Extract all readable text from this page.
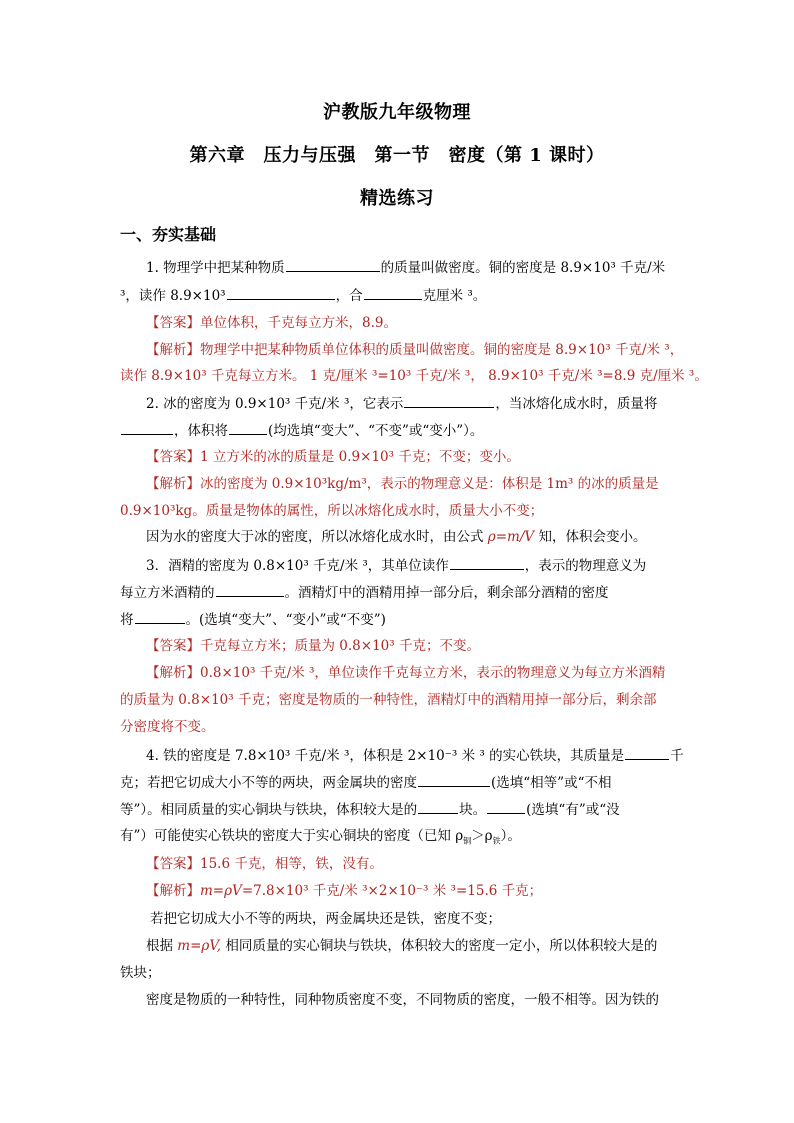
沪教版九年级物理
第六章　压力与压强　第一节　密度（第 1 课时）
精选练习
一、夯实基础
1. 物理学中把某种物质	的质量叫做密度。铜的密度是 8.9×10³ 千克/米
³，读作 8.9×10³	，合	克厘米 ³。
【答案】单位体积，千克每立方米，8.9。
【解析】物理学中把某种物质单位体积的质量叫做密度。铜的密度是 8.9×10³ 千克/米 ³，
读作 8.9×10³ 千克每立方米。 1 克/厘米 ³=10³ 千克/米 ³， 8.9×10³ 千克/米 ³=8.9 克/厘米 ³。
2. 冰的密度为 0.9×10³ 千克/米 ³，它表示	，当冰熔化成水时，质量将
，体积将	(均选填“变大”、“不变”或“变小”）。
【答案】1 立方米的冰的质量是 0.9×10³ 千克；不变；变小。
【解析】冰的密度为 0.9×10³kg/m³，表示的物理意义是：体积是 1m³ 的冰的质量是
0.9×10³kg。质量是物体的属性，所以冰熔化成水时，质量大小不变；
因为水的密度大于冰的密度，所以冰熔化成水时，由公式 ρ=m/V 知，体积会变小。
3．酒精的密度为 0.8×10³ 千克/米 ³，其单位读作	，表示的物理意义为
每立方米酒精的	。酒精灯中的酒精用掉一部分后，剩余部分酒精的密度
将	。(选填“变大”、“变小”或“不变”)
【答案】千克每立方米；质量为 0.8×10³ 千克；不变。
【解析】0.8×10³ 千克/米 ³，单位读作千克每立方米，表示的物理意义为每立方米酒精
的质量为 0.8×10³ 千克；密度是物质的一种特性，酒精灯中的酒精用掉一部分后，剩余部
分密度将不变。
4. 铁的密度是 7.8×10³ 千克/米 ³，体积是 2×10⁻³ 米 ³ 的实心铁块，其质量是	千
克；若把它切成大小不等的两块，两金属块的密度	(选填“相等”或“不相
等”）。相同质量的实心铜块与铁块，体积较大是的	块。	(选填“有”或“没
有”）可能使实心铁块的密度大于实心铜块的密度（已知 $\rho_铜>\rho_铁$）。
【答案】15.6 千克，相等，铁，没有。
【解析】m=ρV=7.8×10³ 千克/米 ³×2×10⁻³ 米 ³=15.6 千克；
若把它切成大小不等的两块，两金属块还是铁，密度不变；
根据 m=ρV, 相同质量的实心铜块与铁块，体积较大的密度一定小，所以体积较大是的
铁块；
密度是物质的一种特性，同种物质密度不变，不同物质的密度，一般不相等。因为铁的
